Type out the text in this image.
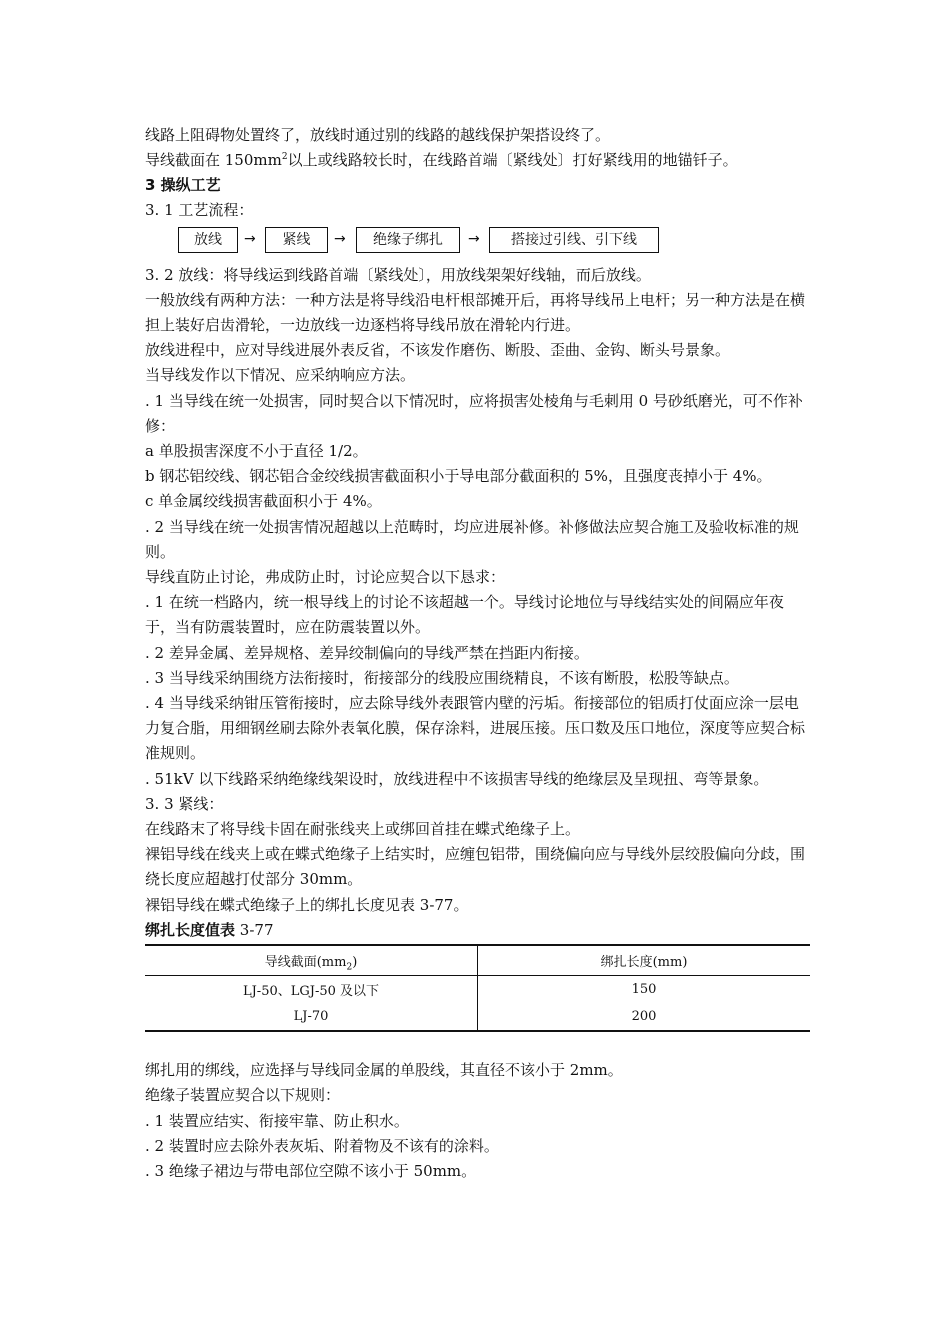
线路上阻碍物处置终了，放线时通过别的线路的越线保护架搭设终了。

导线截面在 $150mm^2$以上或线路较长时，在线路首端〔紧线处〕打好紧线用的地锚钎子。

3 操纵工艺

3. 1 工艺流程：

放线	→	紧线	→	绝缘子绑扎	→	搭接过引线、引下线

3. 2 放线：将导线运到线路首端〔紧线处〕，用放线架架好线轴，而后放线。

一般放线有两种方法：一种方法是将导线沿电杆根部摊开后，再将导线吊上电杆；另一种方法是在横担上装好启齿滑轮，一边放线一边逐档将导线吊放在滑轮内行进。

放线进程中，应对导线进展外表反省，不该发作磨伤、断股、歪曲、金钩、断头号景象。

当导线发作以下情况、应采纳响应方法。

. 1 当导线在统一处损害，同时契合以下情况时，应将损害处棱角与毛刺用 0 号砂纸磨光，可不作补修：

a 单股损害深度不小于直径 1/2。

b 钢芯铝绞线、钢芯铝合金绞线损害截面积小于导电部分截面积的 5%，且强度丧掉小于 4%。

c 单金属绞线损害截面积小于 4%。

. 2 当导线在统一处损害情况超越以上范畴时，均应进展补修。补修做法应契合施工及验收标准的规则。

导线直防止讨论，弗成防止时，讨论应契合以下恳求：

. 1 在统一档路内，统一根导线上的讨论不该超越一个。导线讨论地位与导线结实处的间隔应年夜于，当有防震装置时，应在防震装置以外。

. 2 差异金属、差异规格、差异绞制偏向的导线严禁在挡距内衔接。

. 3 当导线采纳围绕方法衔接时，衔接部分的线股应围绕精良，不该有断股，松股等缺点。

. 4 当导线采纳钳压管衔接时，应去除导线外表跟管内壁的污垢。衔接部位的铝质打仗面应涂一层电力复合脂，用细钢丝刷去除外表氧化膜，保存涂料，进展压接。压口数及压口地位，深度等应契合标准规则。

. 51kV 以下线路采纳绝缘线架设时，放线进程中不该损害导线的绝缘层及呈现扭、弯等景象。

3. 3 紧线：

在线路末了将导线卡固在耐张线夹上或绑回首挂在蝶式绝缘子上。

裸铝导线在线夹上或在蝶式绝缘子上结实时，应缠包铝带，围绕偏向应与导线外层绞股偏向分歧，围绕长度应超越打仗部分 30mm。

裸铝导线在蝶式绝缘子上的绑扎长度见表 3-77。

绑扎长度值表 3-77

导线截面$(mm_2)$	绑扎长度(mm)
LJ-50、LGJ-50 及以下	150
LJ-70	200

绑扎用的绑线，应选择与导线同金属的单股线，其直径不该小于 2mm。

绝缘子装置应契合以下规则：

. 1 装置应结实、衔接牢靠、防止积水。

. 2 装置时应去除外表灰垢、附着物及不该有的涂料。

. 3 绝缘子裙边与带电部位空隙不该小于 50mm。
